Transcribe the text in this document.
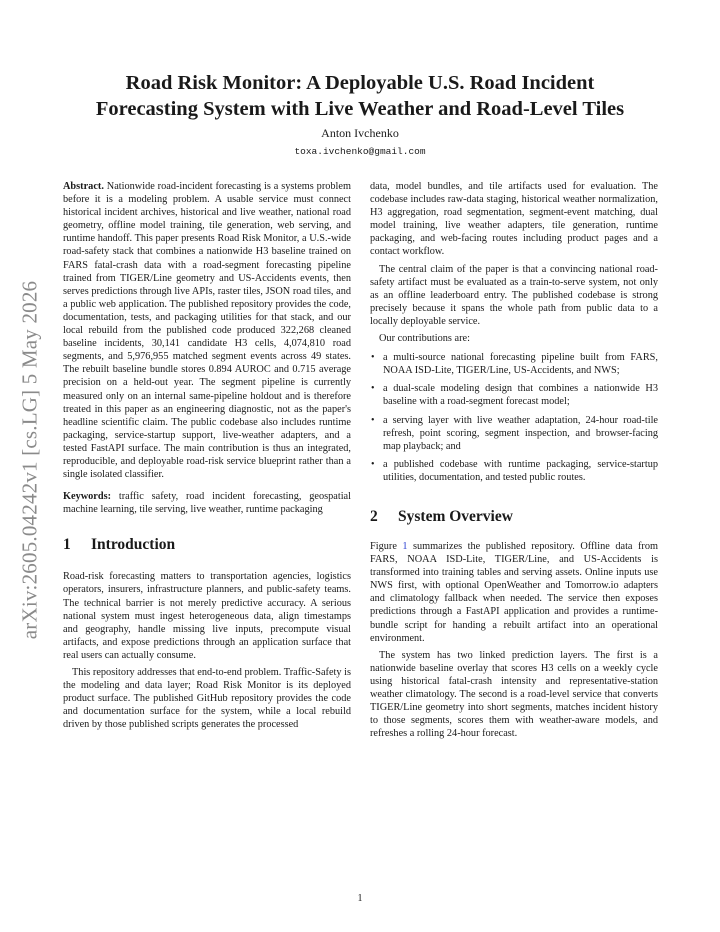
arXiv:2605.04242v1 [cs.LG] 5 May 2026
Road Risk Monitor: A Deployable U.S. Road Incident
Forecasting System with Live Weather and Road-Level Tiles
Anton Ivchenko
toxa.ivchenko@gmail.com

Abstract. Nationwide road-incident forecasting is a systems problem before it is a modeling problem. A usable service must connect historical incident archives, historical and live weather, national road geometry, offline model training, tile generation, web serving, and runtime handoff. This paper presents Road Risk Monitor, a U.S.-wide road-safety stack that combines a nationwide H3 baseline trained on FARS fatal-crash data with a road-segment forecasting pipeline trained from TIGER/Line geometry and US-Accidents events, then serves predictions through live APIs, raster tiles, JSON road tiles, and a public web application. The published repository provides the code, documentation, tests, and packaging utilities for that stack, and our local rebuild from the published code produced 322,268 cleaned baseline incidents, 30,141 candidate H3 cells, 4,074,810 road segments, and 5,976,955 matched segment events across 49 states. The rebuilt baseline bundle stores 0.894 AUROC and 0.715 average precision on a held-out year. The segment pipeline is currently measured only on an internal same-pipeline holdout and is therefore treated in this paper as an engineering diagnostic, not as the paper's headline scientific claim. The public codebase also includes runtime packaging, service-startup support, live-weather adapters, and a tested FastAPI surface. The main contribution is thus an integrated, reproducible, and deployable road-risk service blueprint rather than a single isolated classifier.

Keywords: traffic safety, road incident forecasting, geospatial machine learning, tile serving, live weather, runtime packaging

1 Introduction

Road-risk forecasting matters to transportation agencies, logistics operators, insurers, infrastructure planners, and public-safety teams. The technical barrier is not merely predictive accuracy. A serious national system must ingest heterogeneous data, align timestamps and geography, handle missing live inputs, precompute visual artifacts, and expose predictions through an application surface that real users can actually consume.

This repository addresses that end-to-end problem. Traffic-Safety is the modeling and data layer; Road Risk Monitor is its deployed product surface. The published GitHub repository provides the code and documentation surface for the system, while a local rebuild driven by those published scripts generates the processed

data, model bundles, and tile artifacts used for evaluation. The codebase includes raw-data staging, historical weather normalization, H3 aggregation, road segmentation, segment-event matching, dual model training, live weather adapters, tile generation, runtime packaging, and web-facing routes including product pages and a contact workflow.

The central claim of the paper is that a convincing national road-safety artifact must be evaluated as a train-to-serve system, not only as an offline leaderboard entry. The published codebase is strong precisely because it spans the whole path from public data to a locally deployable service.

Our contributions are:

• a multi-source national forecasting pipeline built from FARS, NOAA ISD-Lite, TIGER/Line, US-Accidents, and NWS;
• a dual-scale modeling design that combines a nationwide H3 baseline with a road-segment forecast model;
• a serving layer with live weather adaptation, 24-hour road-tile refresh, point scoring, segment inspection, and browser-facing map playback; and
• a published codebase with runtime packaging, service-startup utilities, documentation, and tested public routes.
2 System Overview

Figure 1 summarizes the published repository. Offline data from FARS, NOAA ISD-Lite, TIGER/Line, and US-Accidents is transformed into training tables and serving assets. Online inputs use NWS first, with optional OpenWeather and Tomorrow.io adapters and climatology fallback when needed. The service then exposes predictions through a FastAPI application and provides a runtime-bundle script for handing a rebuilt artifact into an operational environment.

The system has two linked prediction layers. The first is a nationwide baseline overlay that scores H3 cells on a weekly cycle using historical fatal-crash intensity and representative-station weather climatology. The second is a road-level service that converts TIGER/Line geometry into short segments, matches incident history to those segments, scores them with weather-aware models, and refreshes a rolling 24-hour forecast.

1
